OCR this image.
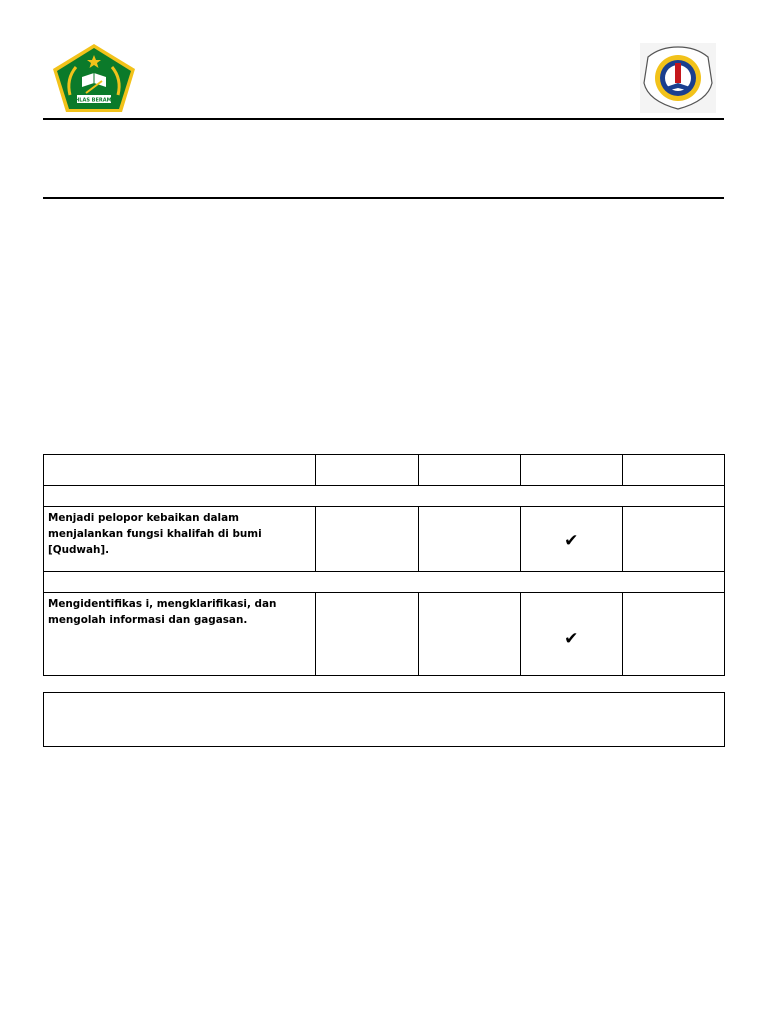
IKHLAS BERAMAL

Menjadi pelopor kebaikan dalam menjalankan fungsi khalifah di bumi [Qudwah].			✔	

Mengidentifikas i, mengklarifikasi, dan mengolah informasi dan gagasan.			✔	
